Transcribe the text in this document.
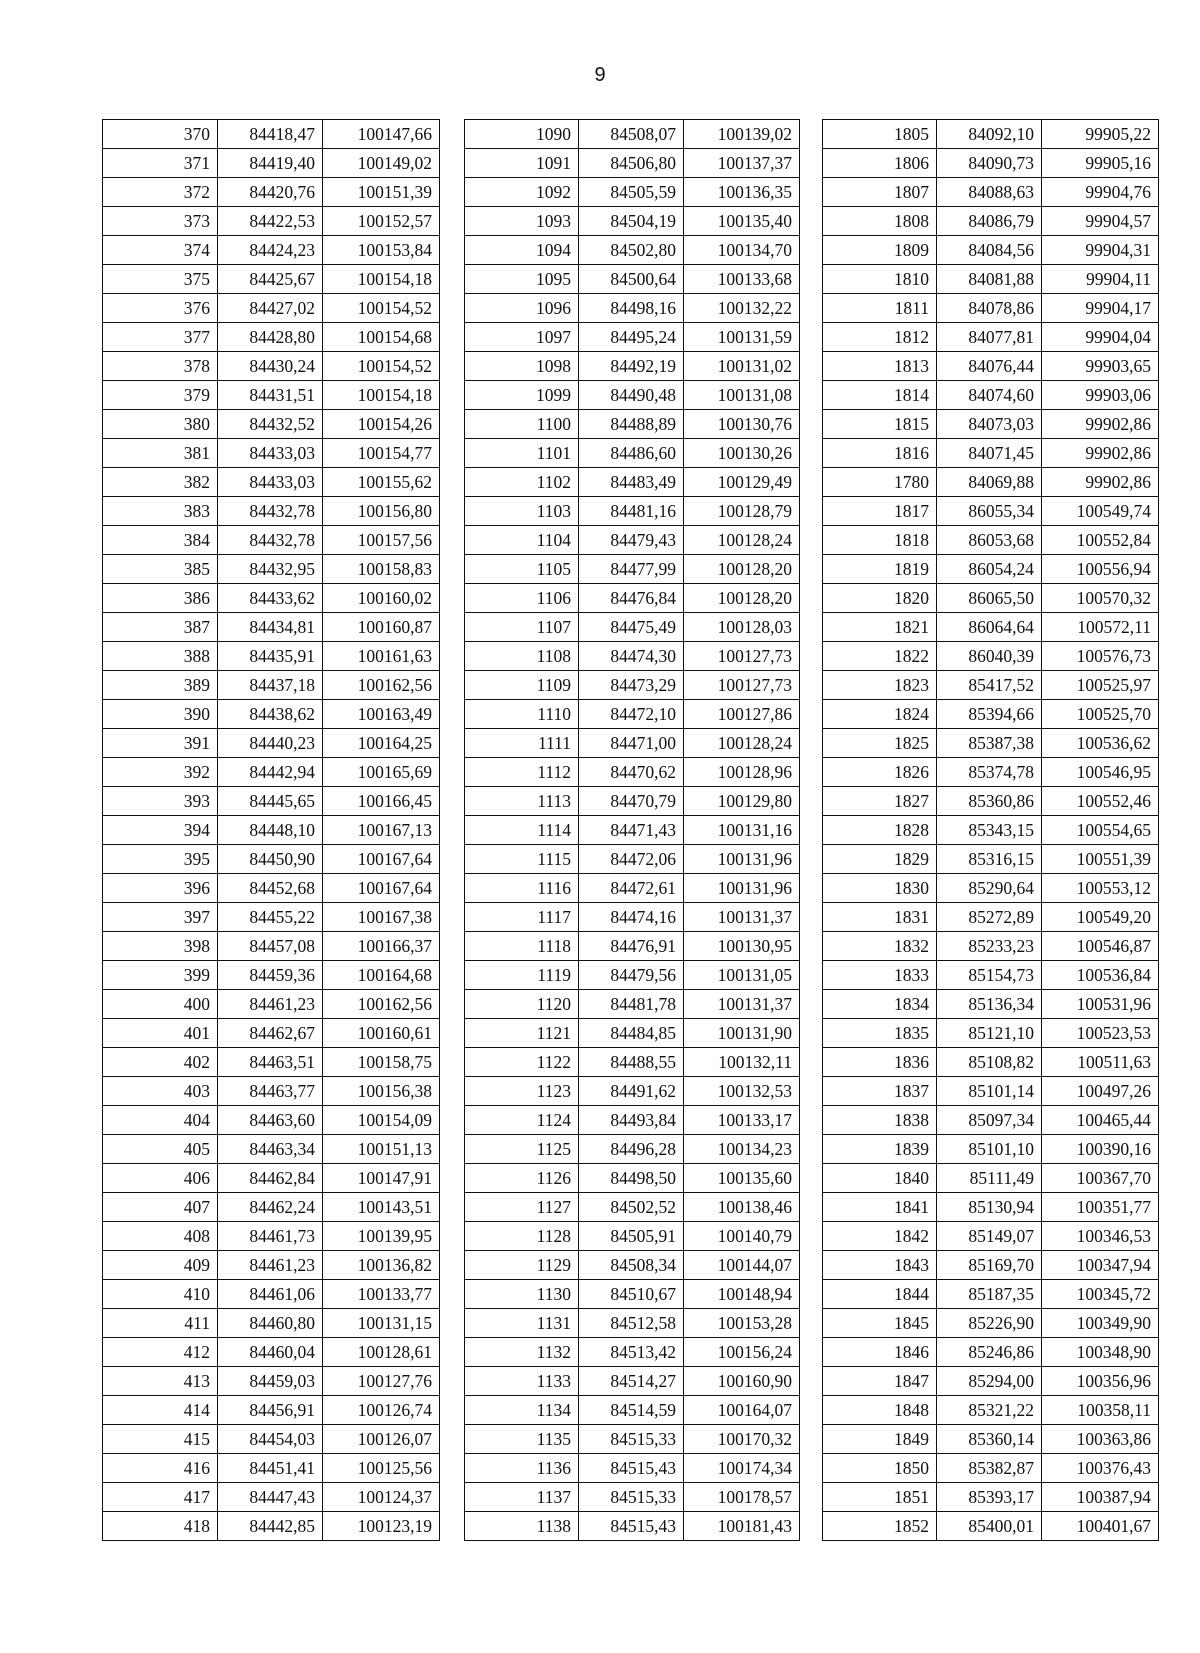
9
370	84418,47	100147,66
371	84419,40	100149,02
372	84420,76	100151,39
373	84422,53	100152,57
374	84424,23	100153,84
375	84425,67	100154,18
376	84427,02	100154,52
377	84428,80	100154,68
378	84430,24	100154,52
379	84431,51	100154,18
380	84432,52	100154,26
381	84433,03	100154,77
382	84433,03	100155,62
383	84432,78	100156,80
384	84432,78	100157,56
385	84432,95	100158,83
386	84433,62	100160,02
387	84434,81	100160,87
388	84435,91	100161,63
389	84437,18	100162,56
390	84438,62	100163,49
391	84440,23	100164,25
392	84442,94	100165,69
393	84445,65	100166,45
394	84448,10	100167,13
395	84450,90	100167,64
396	84452,68	100167,64
397	84455,22	100167,38
398	84457,08	100166,37
399	84459,36	100164,68
400	84461,23	100162,56
401	84462,67	100160,61
402	84463,51	100158,75
403	84463,77	100156,38
404	84463,60	100154,09
405	84463,34	100151,13
406	84462,84	100147,91
407	84462,24	100143,51
408	84461,73	100139,95
409	84461,23	100136,82
410	84461,06	100133,77
411	84460,80	100131,15
412	84460,04	100128,61
413	84459,03	100127,76
414	84456,91	100126,74
415	84454,03	100126,07
416	84451,41	100125,56
417	84447,43	100124,37
418	84442,85	100123,19
1090	84508,07	100139,02
1091	84506,80	100137,37
1092	84505,59	100136,35
1093	84504,19	100135,40
1094	84502,80	100134,70
1095	84500,64	100133,68
1096	84498,16	100132,22
1097	84495,24	100131,59
1098	84492,19	100131,02
1099	84490,48	100131,08
1100	84488,89	100130,76
1101	84486,60	100130,26
1102	84483,49	100129,49
1103	84481,16	100128,79
1104	84479,43	100128,24
1105	84477,99	100128,20
1106	84476,84	100128,20
1107	84475,49	100128,03
1108	84474,30	100127,73
1109	84473,29	100127,73
1110	84472,10	100127,86
1111	84471,00	100128,24
1112	84470,62	100128,96
1113	84470,79	100129,80
1114	84471,43	100131,16
1115	84472,06	100131,96
1116	84472,61	100131,96
1117	84474,16	100131,37
1118	84476,91	100130,95
1119	84479,56	100131,05
1120	84481,78	100131,37
1121	84484,85	100131,90
1122	84488,55	100132,11
1123	84491,62	100132,53
1124	84493,84	100133,17
1125	84496,28	100134,23
1126	84498,50	100135,60
1127	84502,52	100138,46
1128	84505,91	100140,79
1129	84508,34	100144,07
1130	84510,67	100148,94
1131	84512,58	100153,28
1132	84513,42	100156,24
1133	84514,27	100160,90
1134	84514,59	100164,07
1135	84515,33	100170,32
1136	84515,43	100174,34
1137	84515,33	100178,57
1138	84515,43	100181,43
1805	84092,10	99905,22
1806	84090,73	99905,16
1807	84088,63	99904,76
1808	84086,79	99904,57
1809	84084,56	99904,31
1810	84081,88	99904,11
1811	84078,86	99904,17
1812	84077,81	99904,04
1813	84076,44	99903,65
1814	84074,60	99903,06
1815	84073,03	99902,86
1816	84071,45	99902,86
1780	84069,88	99902,86
1817	86055,34	100549,74
1818	86053,68	100552,84
1819	86054,24	100556,94
1820	86065,50	100570,32
1821	86064,64	100572,11
1822	86040,39	100576,73
1823	85417,52	100525,97
1824	85394,66	100525,70
1825	85387,38	100536,62
1826	85374,78	100546,95
1827	85360,86	100552,46
1828	85343,15	100554,65
1829	85316,15	100551,39
1830	85290,64	100553,12
1831	85272,89	100549,20
1832	85233,23	100546,87
1833	85154,73	100536,84
1834	85136,34	100531,96
1835	85121,10	100523,53
1836	85108,82	100511,63
1837	85101,14	100497,26
1838	85097,34	100465,44
1839	85101,10	100390,16
1840	85111,49	100367,70
1841	85130,94	100351,77
1842	85149,07	100346,53
1843	85169,70	100347,94
1844	85187,35	100345,72
1845	85226,90	100349,90
1846	85246,86	100348,90
1847	85294,00	100356,96
1848	85321,22	100358,11
1849	85360,14	100363,86
1850	85382,87	100376,43
1851	85393,17	100387,94
1852	85400,01	100401,67
